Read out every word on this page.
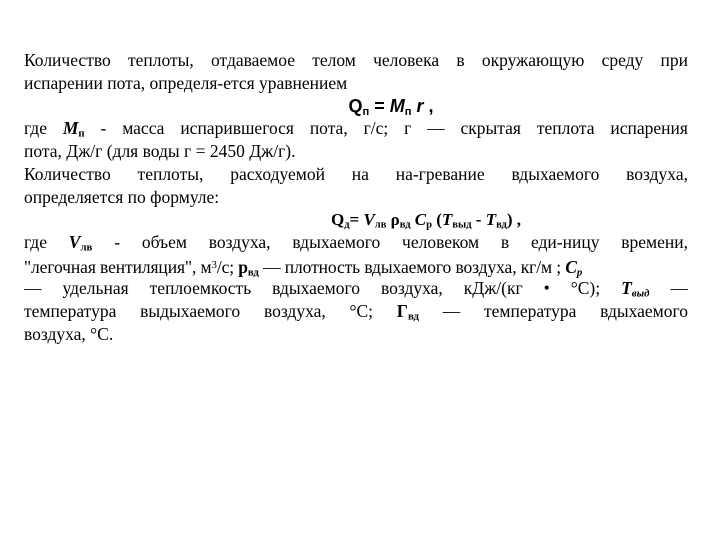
Количество теплоты, отдаваемое телом человека в окружающую среду при
испарении пота, определя-ется уравнением
$Q_п = M_п$ r ,
где $M_п$ - масса испарившегося пота, г/с; г — скрытая теплота испарения
пота, Дж/г (для воды г = 2450 Дж/г).
Количество теплоты, расходуемой на на-гревание вдыхаемого воздуха,
определяется по формуле:
$Q_д= V_{лв}$ $\rho_{вд}$ $C_p$ $(T_{выд} - T_{вд})$ ,
где $V_{лв}$ - объем воздуха, вдыхаемого человеком в еди-ницу времени,
"легочная вентиляция", $м^3/с$; $р_{вд}$ — плотность вдыхаемого воздуха, кг/м ; $С_р$
— удельная теплоемкость вдыхаемого воздуха, кДж/(кг • °С); $Т_{выд}$ —
температура выдыхаемого воздуха, °С; $Г_{вд}$ — температура вдыхаемого
воздуха, °С.
